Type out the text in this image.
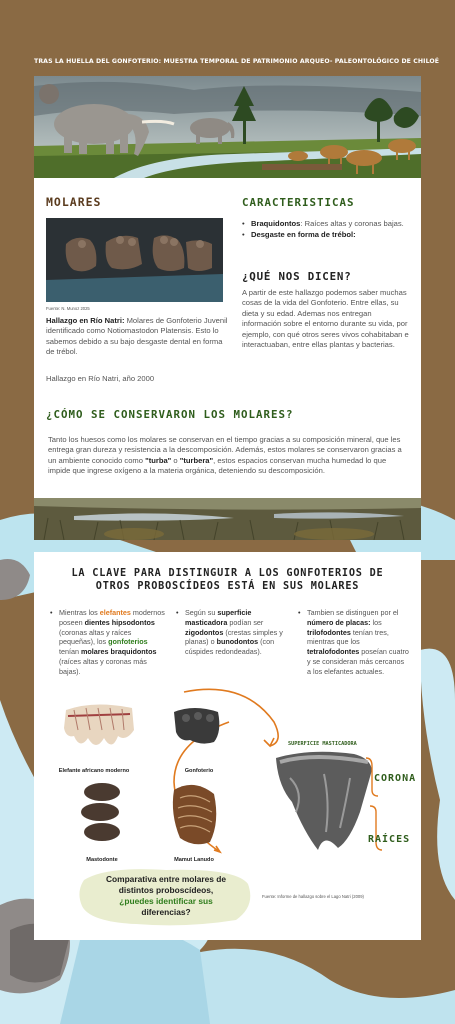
TRAS LA HUELLA DEL GONFOTERIO: MUESTRA TEMPORAL DE PATRIMONIO ARQUEO- PALEONTOLÓGICO DE CHILOÉ
MOLARES
Fuente: N. Munoz 2025
Hallazgo en Río Natri: Molares de Gonfoterio Juvenil identificado como Notiomastodon Platensis. Esto lo sabemos debido a su bajo desgaste dental en forma de trébol.
Hallazgo en Río Natri, año 2000
CARACTERISTICAS
• Braquidontos: Raíces altas y coronas bajas.
• Desgaste en forma de trébol:
¿QUÉ NOS DICEN?
A partir de este hallazgo podemos saber muchas cosas de la vida del Gonfoterio. Entre ellas, su dieta y su edad. Ademas nos entregan información sobre el entorno durante su vida, por ejemplo, con qué otros seres vivos cohabitaban e interactuaban, entre ellas plantas y bacterias.
¿CÓMO SE CONSERVARON LOS MOLARES?
Tanto los huesos como los molares se conservan en el tiempo gracias a su composición mineral, que les entrega gran dureza y resistencia a la descomposición. Además, estos molares se conservaron gracias a un ambiente conocido como "turba" o "turbera", estos espacios conservan mucha humedad lo que impide que ingrese oxígeno a la materia orgánica, deteniendo su descomposición.
LA CLAVE PARA DISTINGUIR A LOS GONFOTERIOS DE
OTROS PROBOSCÍDEOS ESTÁ EN SUS MOLARES
• Mientras los elefantes modernos poseen dientes hipsodontos (coronas altas y raíces pequeñas), los gonfoterios tenían molares braquidontos (raíces altas y coronas más bajas).
• Según su superficie masticadora podían ser zigodontos (crestas simples y planas) o bunodontos (con cúspides redondeadas).
• Tambien se distinguen por el número de placas: los trilofodontes tenían tres, mientras que los tetralofodontes poseían cuatro y se consideran más cercanos a los elefantes actuales.
SUPERFICIE MASTICADORA
CORONA
RAÍCES
Elefante africano moderno	Gonfoterio
Mastodonte	Mamut Lanudo
Comparativa entre molares de
distintos proboscídeos,
¿puedes identificar sus
diferencias?
Fuente: Informe de hallazgo sobre el Lago Natri (2009)
